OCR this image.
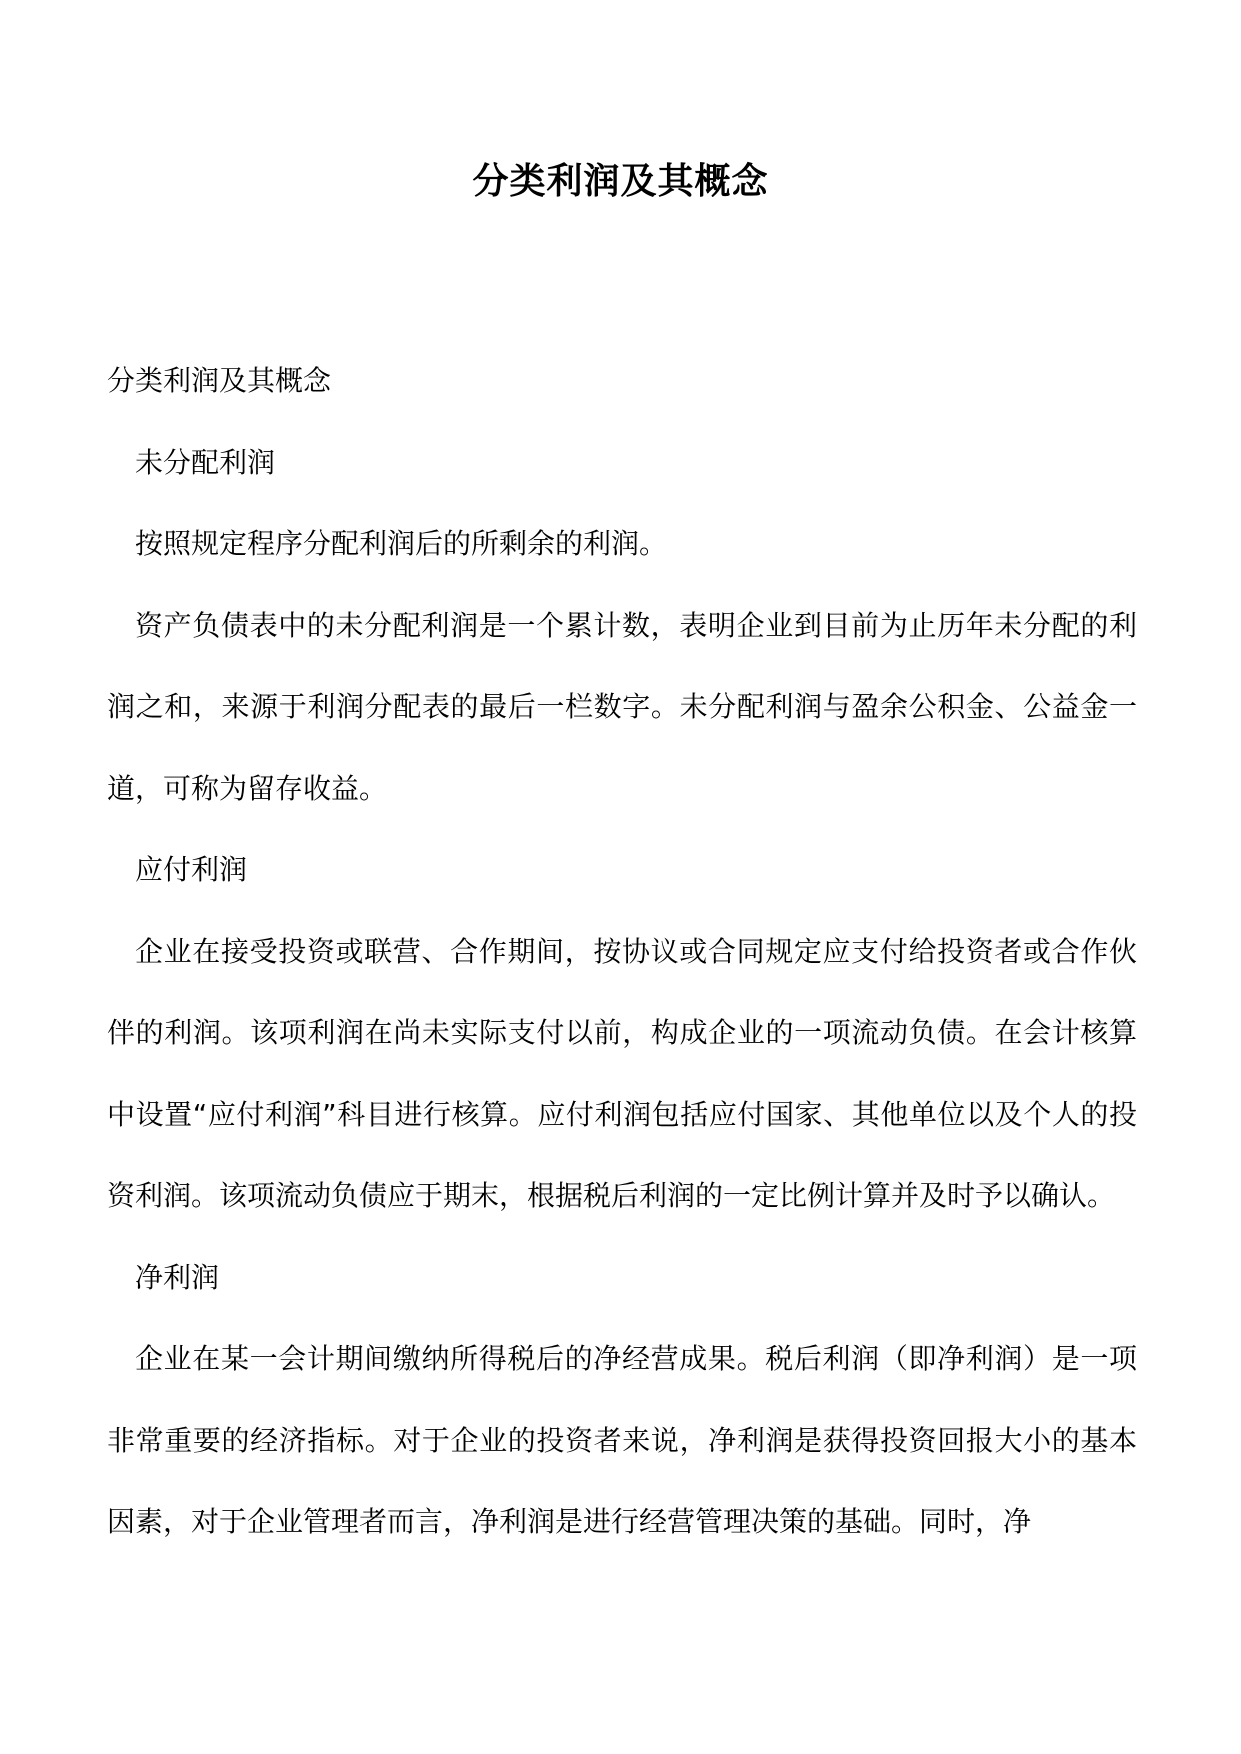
分类利润及其概念

分类利润及其概念

未分配利润

按照规定程序分配利润后的所剩余的利润。

资产负债表中的未分配利润是一个累计数，表明企业到目前为止历年未分配的利润之和，来源于利润分配表的最后一栏数字。未分配利润与盈余公积金、公益金一道，可称为留存收益。

应付利润

企业在接受投资或联营、合作期间，按协议或合同规定应支付给投资者或合作伙伴的利润。该项利润在尚未实际支付以前，构成企业的一项流动负债。在会计核算中设置“应付利润”科目进行核算。应付利润包括应付国家、其他单位以及个人的投资利润。该项流动负债应于期末，根据税后利润的一定比例计算并及时予以确认。

净利润

企业在某一会计期间缴纳所得税后的净经营成果。税后利润（即净利润）是一项非常重要的经济指标。对于企业的投资者来说，净利润是获得投资回报大小的基本因素，对于企业管理者而言，净利润是进行经营管理决策的基础。同时，净
